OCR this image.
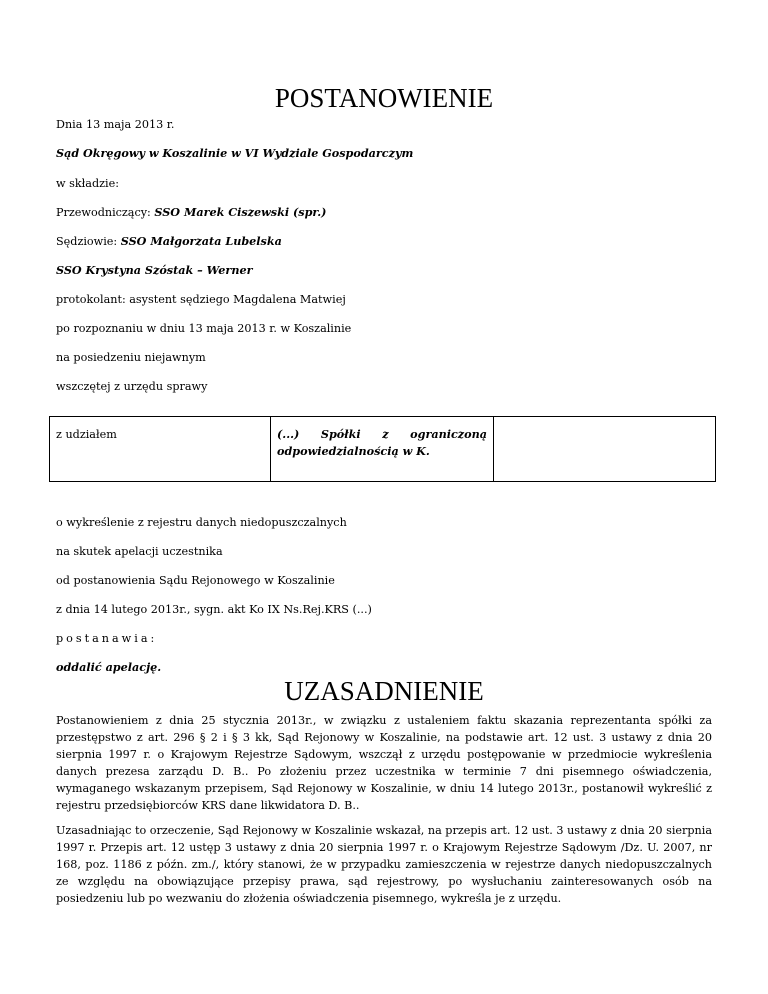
POSTANOWIENIE
Dnia 13 maja 2013 r.
Sąd Okręgowy w Koszalinie w VI Wydziale Gospodarczym
w składzie:
Przewodniczący: SSO Marek Ciszewski (spr.)
Sędziowie: SSO Małgorzata Lubelska
SSO Krystyna Szóstak – Werner
protokolant: asystent sędziego Magdalena Matwiej
po rozpoznaniu w dniu 13 maja 2013 r. w Koszalinie
na posiedzeniu niejawnym
wszczętej z urzędu sprawy
z udziałem	(...) Spółki z ograniczoną odpowiedzialnością w K.	
o wykreślenie z rejestru danych niedopuszczalnych
na skutek apelacji uczestnika
od postanowienia Sądu Rejonowego w Koszalinie
z dnia 14 lutego 2013r., sygn. akt Ko IX Ns.Rej.KRS (...)
postanawia:
oddalić apelację.
UZASADNIENIE

Postanowieniem z dnia 25 stycznia 2013r., w związku z ustaleniem faktu skazania reprezentanta spółki za przestępstwo z art. 296 § 2 i § 3 kk, Sąd Rejonowy w Koszalinie, na podstawie art. 12 ust. 3 ustawy z dnia 20 sierpnia 1997 r. o Krajowym Rejestrze Sądowym, wszczął z urzędu postępowanie w przedmiocie wykreślenia danych prezesa zarządu D. B.. Po złożeniu przez uczestnika w terminie 7 dni pisemnego oświadczenia, wymaganego wskazanym przepisem, Sąd Rejonowy w Koszalinie, w dniu 14 lutego 2013r., postanowił wykreślić z rejestru przedsiębiorców KRS dane likwidatora D. B..

Uzasadniając to orzeczenie, Sąd Rejonowy w Koszalinie wskazał, na przepis art. 12 ust. 3 ustawy z dnia 20 sierpnia 1997 r. Przepis art. 12 ustęp 3 ustawy z dnia 20 sierpnia 1997 r. o Krajowym Rejestrze Sądowym /Dz. U. 2007, nr 168, poz. 1186 z późn. zm./, który stanowi, że w przypadku zamieszczenia w rejestrze danych niedopuszczalnych ze względu na obowiązujące przepisy prawa, sąd rejestrowy, po wysłuchaniu zainteresowanych osób na posiedzeniu lub po wezwaniu do złożenia oświadczenia pisemnego, wykreśla je z urzędu.
